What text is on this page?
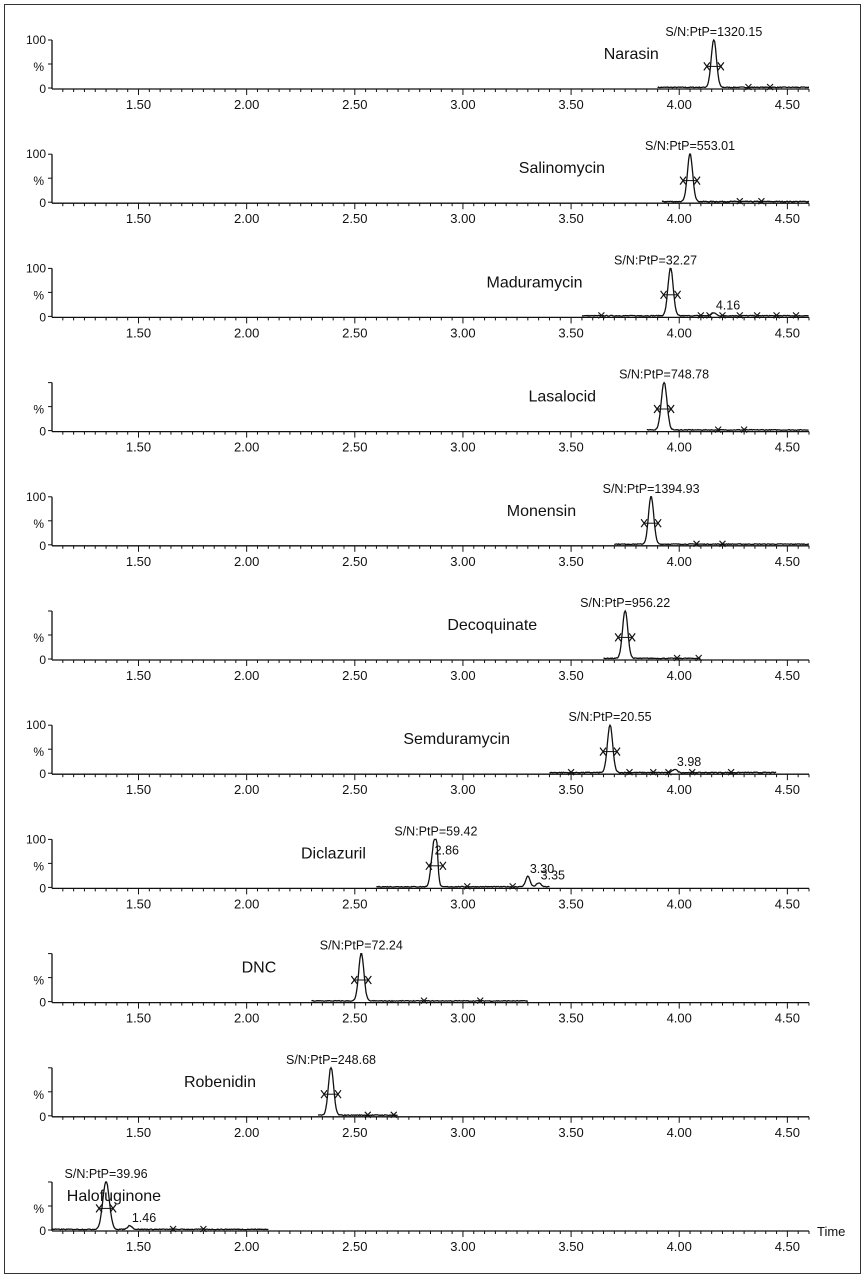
100
%
0
1.50	2.00	2.50	3.00	3.50	4.00	4.50
S/N:PtP=1320.15
Narasin
100
%
0
1.50	2.00	2.50	3.00	3.50	4.00	4.50
S/N:PtP=553.01
Salinomycin
100
%
0
1.50	2.00	2.50	3.00	3.50	4.00	4.50
S/N:PtP=32.27
Maduramycin
4.16
%
0
1.50	2.00	2.50	3.00	3.50	4.00	4.50
S/N:PtP=748.78
Lasalocid
100
%
0
1.50	2.00	2.50	3.00	3.50	4.00	4.50
S/N:PtP=1394.93
Monensin
%
0
1.50	2.00	2.50	3.00	3.50	4.00	4.50
S/N:PtP=956.22
Decoquinate
100
%
0
1.50	2.00	2.50	3.00	3.50	4.00	4.50
S/N:PtP=20.55
Semduramycin
3.98
100
%
0
1.50	2.00	2.50	3.00	3.50	4.00	4.50
S/N:PtP=59.42
Diclazuril	2.86
3.30
3.35
%
0
1.50	2.00	2.50	3.00	3.50	4.00	4.50
S/N:PtP=72.24
DNC
%
0
1.50	2.00	2.50	3.00	3.50	4.00	4.50
S/N:PtP=248.68
Robenidin
%
0
1.50	2.00	2.50	3.00	3.50	4.00	4.50
S/N:PtP=39.96
Halofuginone
1.46
Time
